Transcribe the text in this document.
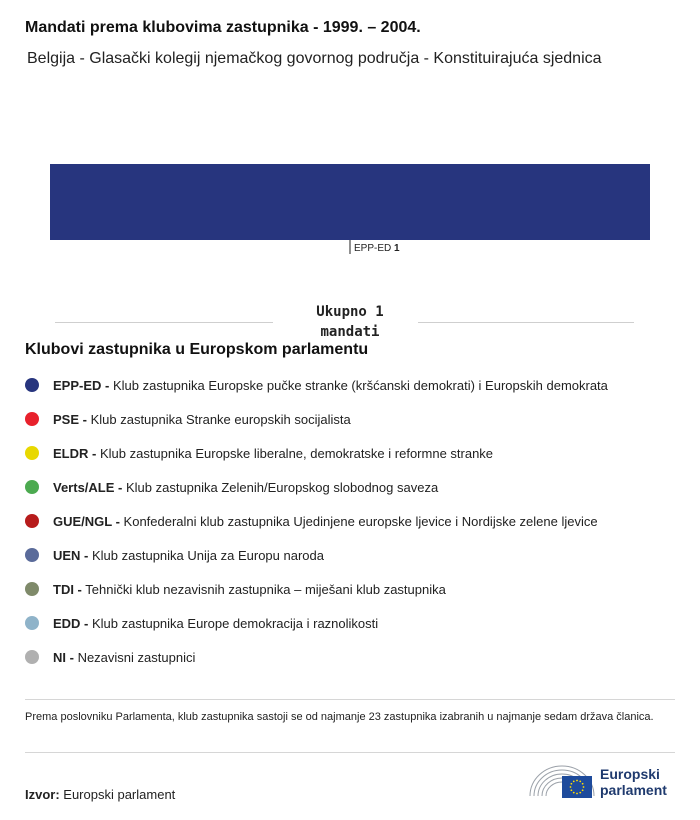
Mandati prema klubovima zastupnika - 1999. – 2004.
Belgija - Glasački kolegij njemačkog govornog područja - Konstituirajuća sjednica
EPP-ED 1
Ukupno 1
mandati
Klubovi zastupnika u Europskom parlamentu
EPP-ED - Klub zastupnika Europske pučke stranke (kršćanski demokrati) i Europskih demokrata
PSE - Klub zastupnika Stranke europskih socijalista
ELDR - Klub zastupnika Europske liberalne, demokratske i reformne stranke
Verts/ALE - Klub zastupnika Zelenih/Europskog slobodnog saveza
GUE/NGL - Konfederalni klub zastupnika Ujedinjene europske ljevice i Nordijske zelene ljevice
UEN - Klub zastupnika Unija za Europu naroda
TDI - Tehnički klub nezavisnih zastupnika – miješani klub zastupnika
EDD - Klub zastupnika Europe demokracija i raznolikosti
NI - Nezavisni zastupnici
Prema poslovniku Parlamenta, klub zastupnika sastoji se od najmanje 23 zastupnika izabranih u najmanje sedam država članica.
Izvor: Europski parlament
Europski
parlament
